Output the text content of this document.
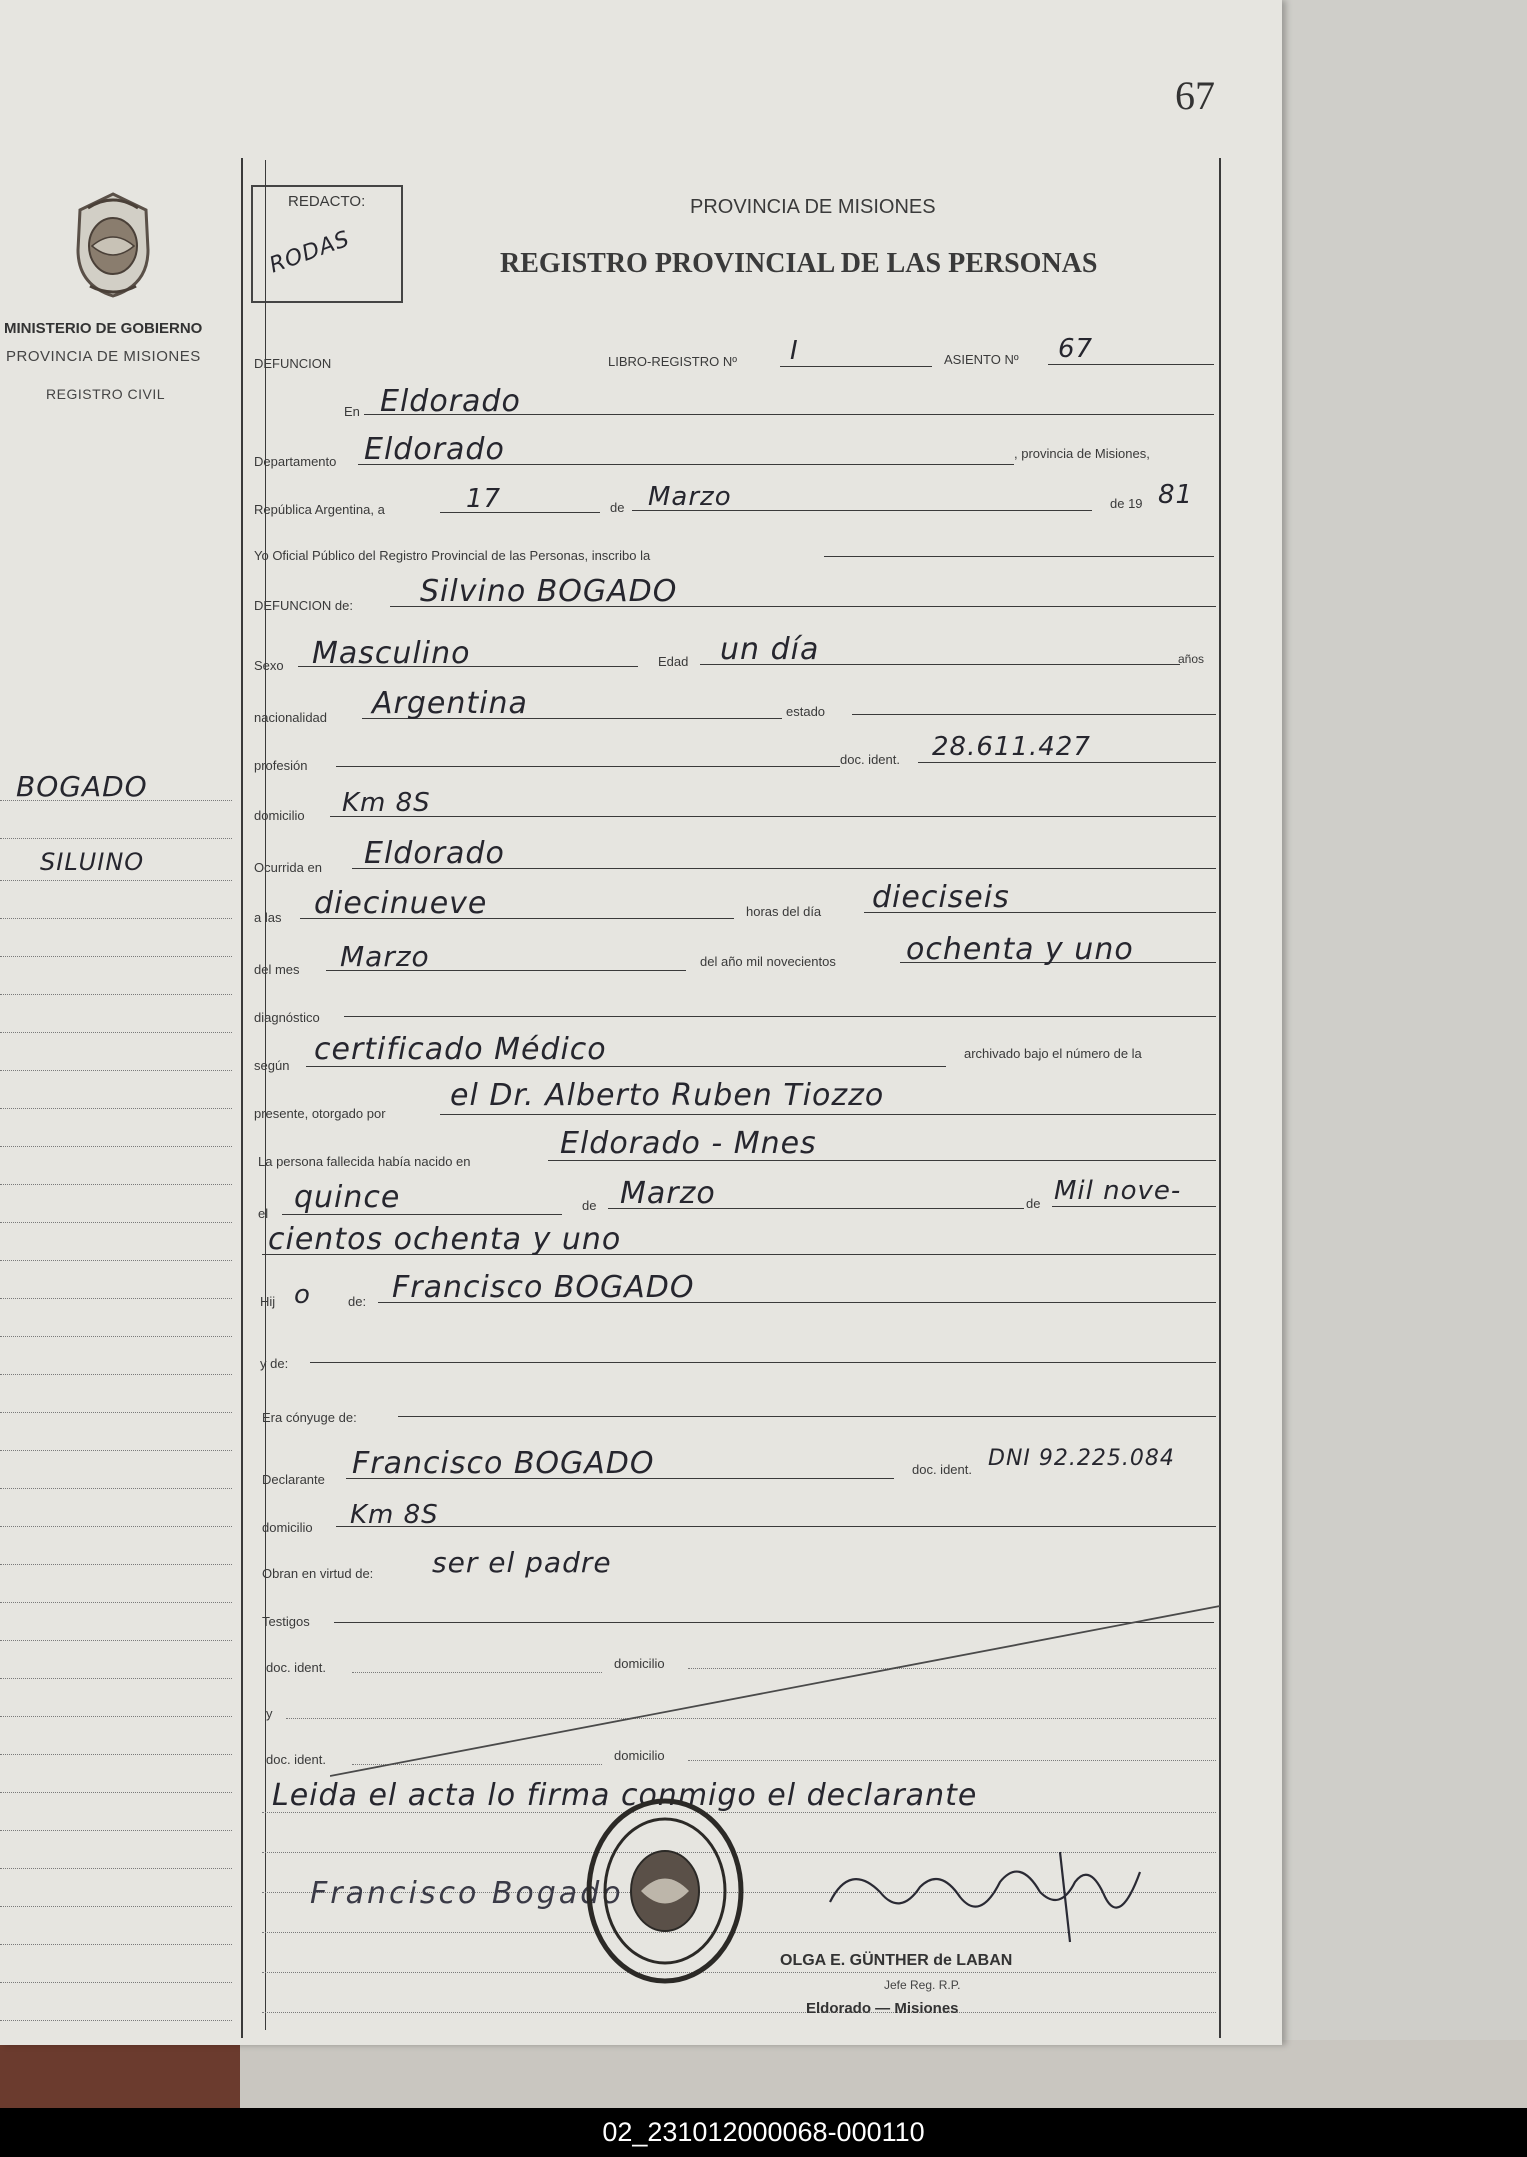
67
MINISTERIO DE GOBIERNO
PROVINCIA DE MISIONES
REGISTRO CIVIL
REDACTO:
RODAS
PROVINCIA DE MISIONES
REGISTRO PROVINCIAL DE LAS PERSONAS
BOGADO
SILUINO
DEFUNCION	LIBRO-REGISTRO Nº I	ASIENTO Nº 67
En Eldorado
Departamento Eldorado	, provincia de Misiones,
República Argentina, a	17	de Marzo	de 19 81
Yo Oficial Público del Registro Provincial de las Personas, inscribo la
DEFUNCION de: Silvino BOGADO
Sexo Masculino	Edad un día	años
nacionalidad Argentina	estado
profesión	doc. ident. 28.611.427
domicilio Km 8S
Ocurrida en Eldorado
a las diecinueve	horas del día dieciseis
del mes Marzo	del año mil novecientos ochenta y uno
diagnóstico
según certificado Médico	archivado bajo el número de la
presente, otorgado por
el Dr. Alberto Ruben Tiozzo
La persona fallecida había nacido en
Eldorado - Mnes
el quince	de Marzo	de Mil nove-
cientos ochenta y uno
Hij o	de: Francisco BOGADO
y de:
Era cónyuge de:
Declarante Francisco BOGADO	doc. ident. DNI 92.225.084
domicilio Km 8S
Obran en virtud de: ser el padre
Testigos
doc. ident.	domicilio
y
doc. ident.	domicilio
Leida el acta lo firma conmigo el declarante
Francisco Bogado
OLGA E. GÜNTHER de LABAN
Jefe Reg. R.P.
Eldorado — Misiones
02_231012000068-000110
